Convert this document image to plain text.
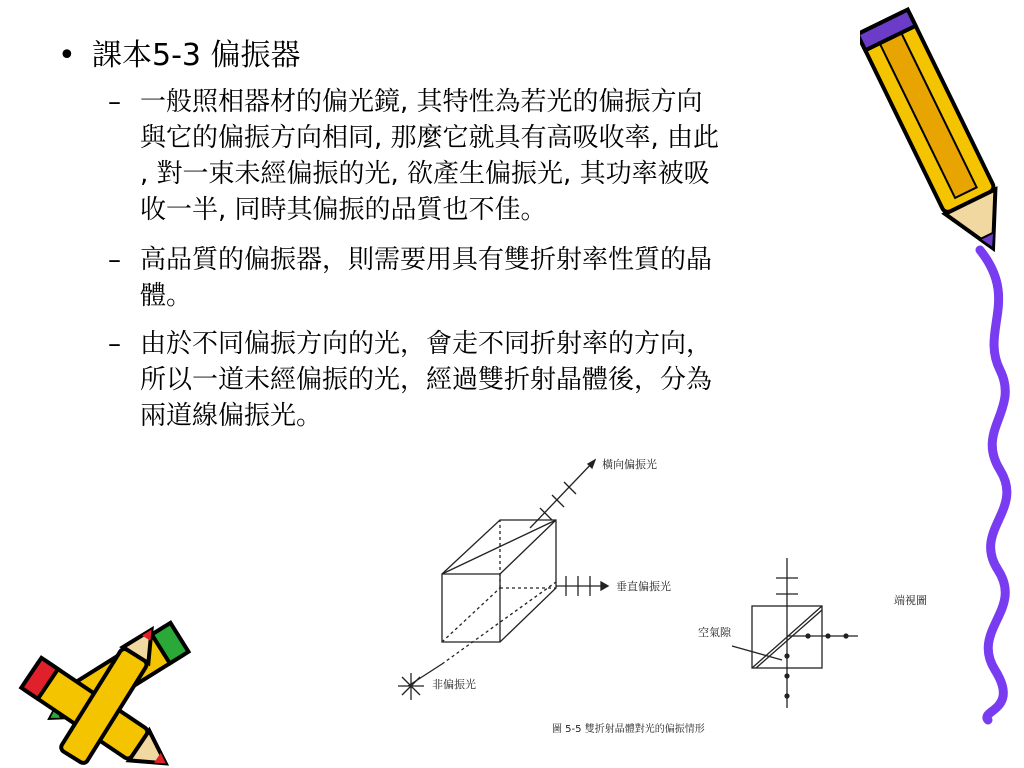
• 課本5-3 偏振器
– 一般照相器材的偏光鏡, 其特性為若光的偏振方向
與它的偏振方向相同, 那麼它就具有高吸收率, 由此
, 對一束未經偏振的光, 欲產生偏振光, 其功率被吸
收一半, 同時其偏振的品質也不佳。
– 高品質的偏振器，則需要用具有雙折射率性質的晶
體。
– 由於不同偏振方向的光，會走不同折射率的方向，
所以一道未經偏振的光，經過雙折射晶體後，分為
兩道線偏振光。
橫向偏振光
垂直偏振光
非偏振光
端視圖
空氣隙
圖 5-5 雙折射晶體對光的偏振情形
